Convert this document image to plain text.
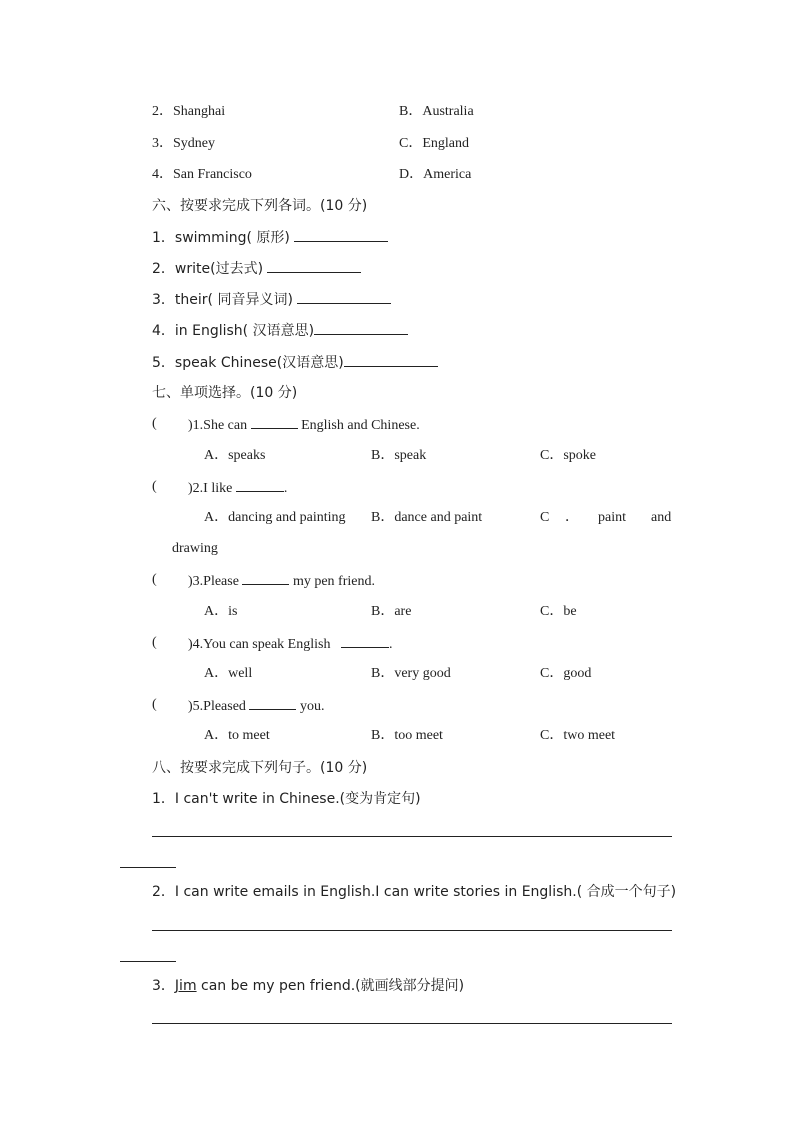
2．Shanghai	B．Australia
3．Sydney	C．England
4．San Francisco	D．America
六、按要求完成下列各词。(10 分)
1．swimming( 原形)
2．write(过去式)
3．their( 同音异义词)
4．in English( 汉语意思)
5．speak Chinese(汉语意思)
七、单项选择。(10 分)
( )1.She can	English and Chinese.
A．speaks	B．speak	C．spoke
( )2.I like	.
A．dancing and painting B．dance and paint	C ． paint and
drawing
( )3.Please	my pen friend.
A．is	B．are	C．be
( )4.You can speak English	.
A．well	B．very good	C．good
( )5.Pleased	you.
A．to meet	B．too meet	C．two meet
八、按要求完成下列句子。(10 分)
1．I can't write in Chinese.(变为肯定句)
2．I can write emails in English.I can write stories in English.( 合成一个句子)
3．Jim can be my pen friend.(就画线部分提问)
